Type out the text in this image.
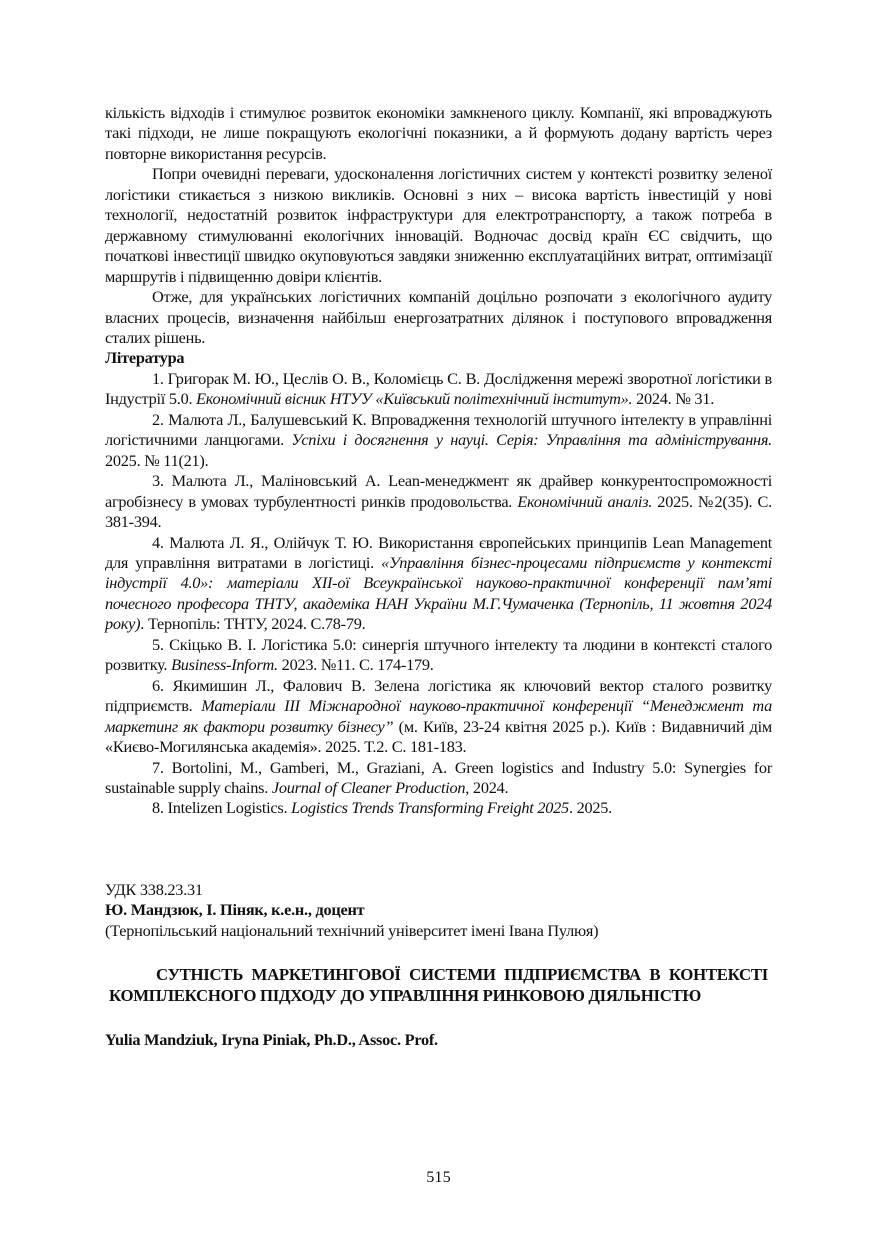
кількість відходів і стимулює розвиток економіки замкненого циклу. Компанії, які впроваджують такі підходи, не лише покращують екологічні показники, а й формують додану вартість через повторне використання ресурсів.

Попри очевидні переваги, удосконалення логістичних систем у контексті розвитку зеленої логістики стикається з низкою викликів. Основні з них – висока вартість інвестицій у нові технології, недостатній розвиток інфраструктури для електротранспорту, а також потреба в державному стимулюванні екологічних інновацій. Водночас досвід країн ЄС свідчить, що початкові інвестиції швидко окуповуються завдяки зниженню експлуатаційних витрат, оптимізації маршрутів і підвищенню довіри клієнтів.

Отже, для українських логістичних компаній доцільно розпочати з екологічного аудиту власних процесів, визначення найбільш енергозатратних ділянок і поступового впровадження сталих рішень.

Література

1. Григорак М. Ю., Цеслів О. В., Коломієць С. В. Дослідження мережі зворотної логістики в Індустрії 5.0. Економічний вісник НТУУ «Київський політехнічний інститут». 2024. № 31.

2. Малюта Л., Балушевський К. Впровадження технологій штучного інтелекту в управлінні логістичними ланцюгами. Успіхи і досягнення у науці. Серія: Управління та адміністрування. 2025. № 11(21).

3. Малюта Л., Маліновський А. Lean-менеджмент як драйвер конкурентоспроможності агробізнесу в умовах турбулентності ринків продовольства. Економічний аналіз. 2025. №2(35). С. 381-394.

4. Малюта Л. Я., Олійчук Т. Ю. Використання європейських принципів Lean Management для управління витратами в логістиці. «Управління бізнес-процесами підприємств у контексті індустрії 4.0»: матеріали XII-ої Всеукраїнської науково-практичної конференції пам’яті почесного професора ТНТУ, академіка НАН України М.Г.Чумаченка (Тернопіль, 11 жовтня 2024 року). Тернопіль: ТНТУ, 2024. С.78-79.

5. Скіцько В. І. Логістика 5.0: синергія штучного інтелекту та людини в контексті сталого розвитку. Business-Inform. 2023. №11. С. 174-179.

6. Якимишин Л., Фалович В. Зелена логістика як ключовий вектор сталого розвитку підприємств. Матеріали III Міжнародної науково-практичної конференції “Менеджмент та маркетинг як фактори розвитку бізнесу” (м. Київ, 23-24 квітня 2025 р.). Київ : Видавничий дім «Києво-Могилянська академія». 2025. Т.2. С. 181-183.

7. Bortolini, M., Gamberi, M., Graziani, A. Green logistics and Industry 5.0: Synergies for sustainable supply chains. Journal of Cleaner Production, 2024.

8. Intelizen Logistics. Logistics Trends Transforming Freight 2025. 2025.

УДК 338.23.31

Ю. Мандзюк, І. Піняк, к.е.н., доцент

(Тернопільський національний технічний університет імені Івана Пулюя)

СУТНІСТЬ МАРКЕТИНГОВОЇ СИСТЕМИ ПІДПРИЄМСТВА В КОНТЕКСТІ КОМПЛЕКСНОГО ПІДХОДУ ДО УПРАВЛІННЯ РИНКОВОЮ ДІЯЛЬНІСТЮ

Yulia Mandziuk, Iryna Piniak, Ph.D., Assoc. Prof.

515
